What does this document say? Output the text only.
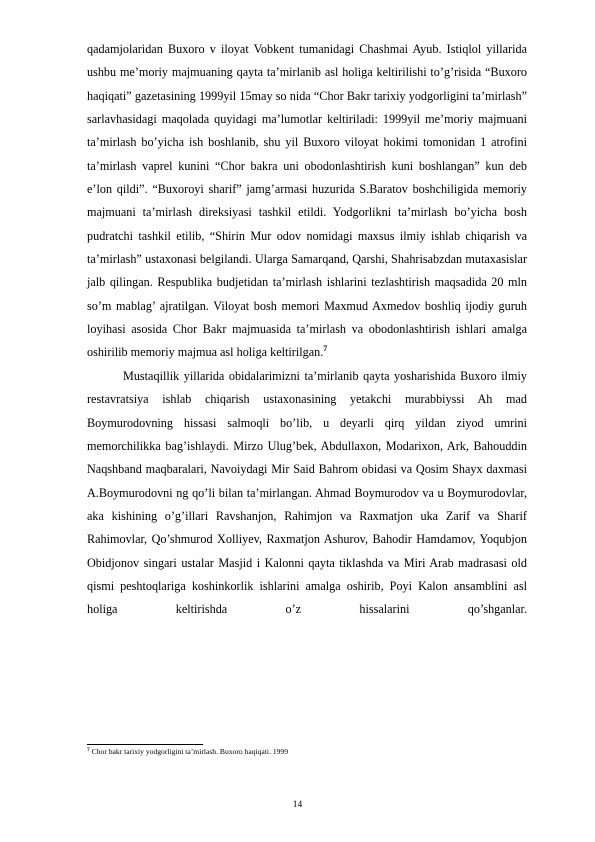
qadamjolaridan Buxoro v iloyat Vobkent tumanidagi Chashmai Ayub. Istiqlol yillarida ushbu me’moriy majmuaning qayta ta’mirlanib asl holiga keltirilishi to’g’risida “Buxoro haqiqati” gazetasining 1999yil 15may so nida “Chor Bakr tarixiy yodgorligini ta’mirlash” sarlavhasidagi maqolada quyidagi ma’lumotlar keltiriladi: 1999yil me’moriy majmuani ta’mirlash bo’yicha ish boshlanib, shu yil Buxoro viloyat hokimi tomonidan 1 atrofini ta’mirlash vaprel kunini “Chor bakra uni obodonlashtirish kuni boshlangan” kun deb e’lon qildi”. “Buxoroyi sharif” jamg’armasi huzurida S.Baratov boshchiligida memoriy majmuani ta’mirlash direksiyasi tashkil etildi. Yodgorlikni ta’mirlash bo’yicha bosh pudratchi tashkil etilib, “Shirin Mur odov nomidagi maxsus ilmiy ishlab chiqarish va ta’mirlash” ustaxonasi belgilandi. Ularga Samarqand, Qarshi, Shahrisabzdan mutaxasislar jalb qilingan. Respublika budjetidan ta’mirlash ishlarini tezlashtirish maqsadida 20 mln so’m mablag’ ajratilgan. Viloyat bosh memori Maxmud Axmedov boshliq ijodiy guruh loyihasi asosida Chor Bakr majmuasida ta’mirlash va obodonlashtirish ishlari amalga oshirilib memoriy majmua asl holiga keltirilgan.$^7$

Mustaqillik yillarida obidalarimizni ta’mirlanib qayta yosharishida Buxoro ilmiy restavratsiya ishlab chiqarish ustaxonasining yetakchi murabbiyssi Ah mad Boymurodovning hissasi salmoqli bo’lib, u deyarli qirq yildan ziyod umrini memorchilikka bag’ishlaydi. Mirzo Ulug’bek, Abdullaxon, Modarixon, Ark, Bahouddin Naqshband maqbaralari, Navoiydagi Mir Said Bahrom obidasi va Qosim Shayx daxmasi A.Boymurodovni ng qo’li bilan ta’mirlangan. Ahmad Boymurodov va u Boymurodovlar, aka kishining o’g’illari Ravshanjon, Rahimjon va Raxmatjon uka Zarif va Sharif Rahimovlar, Qo’shmurod Xolliyev, Raxmatjon Ashurov, Bahodir Hamdamov, Yoqubjon Obidjonov singari ustalar Masjid i Kalonni qayta tiklashda va Miri Arab madrasasi old qismi peshtoqlariga koshinkorlik ishlarini amalga oshirib, Poyi Kalon ansamblini asl holiga keltirishda o’z hissalarini qo’shganlar.

$^7$ Chor bakr tarixiy yodgorligini ta’mirlash. Buxoro haqiqati. 1999
14
